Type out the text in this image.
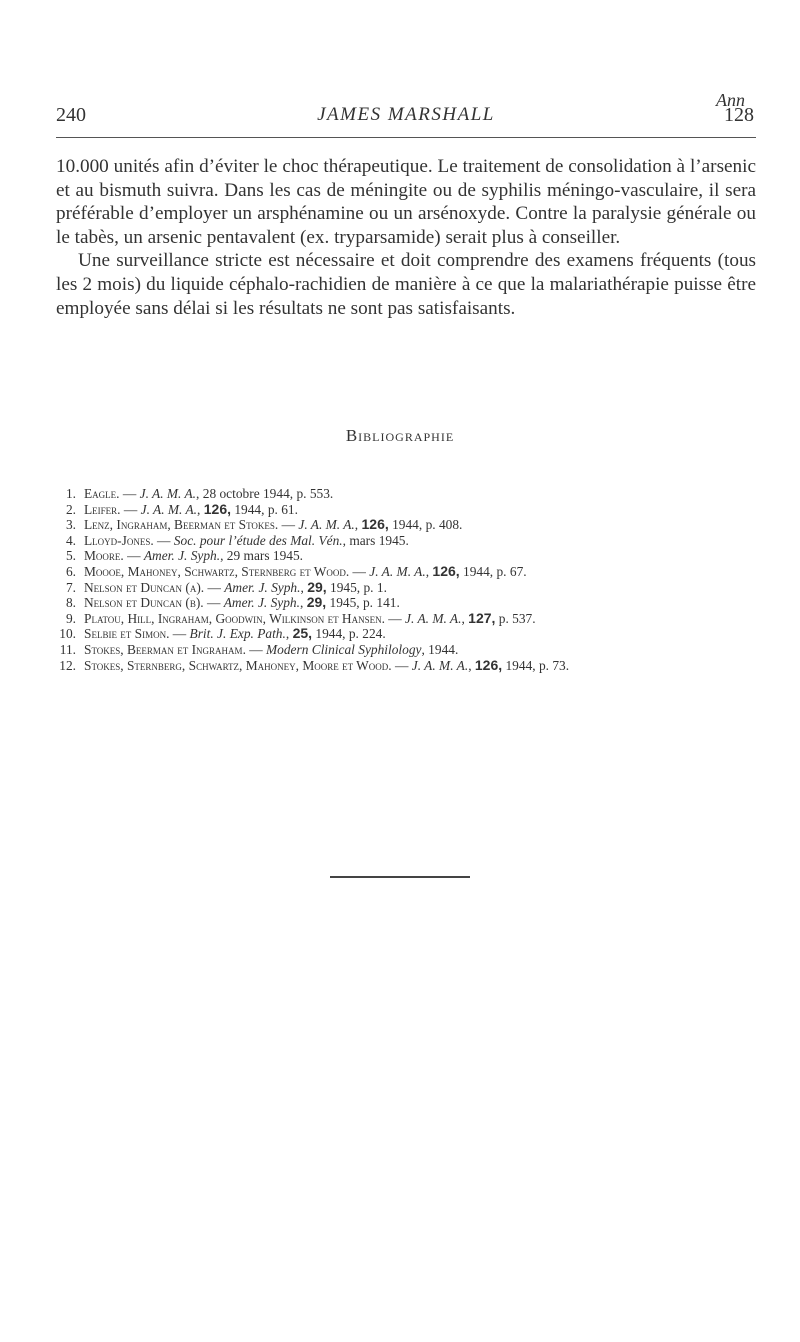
Ann
240	JAMES MARSHALL	128

10.000 unités afin d’éviter le choc thérapeutique. Le traitement de consolidation à l’arsenic et au bismuth suivra. Dans les cas de méningite ou de syphilis méningo-vasculaire, il sera préférable d’employer un arsphénamine ou un arsénoxyde. Contre la paralysie générale ou le tabès, un arsenic pentavalent (ex. tryparsamide) serait plus à conseiller.

Une surveillance stricte est nécessaire et doit comprendre des examens fréquents (tous les 2 mois) du liquide céphalo-rachidien de manière à ce que la malariathérapie puisse être employée sans délai si les résultats ne sont pas satisfaisants.

Bibliographie
1. Eagle. — J. A. M. A., 28 octobre 1944, p. 553.
2. Leifer. — J. A. M. A., 126, 1944, p. 61.
3. Lenz, Ingraham, Beerman et Stokes. — J. A. M. A., 126, 1944, p. 408.
4. Lloyd-Jones. — Soc. pour l’étude des Mal. Vén., mars 1945.
5. Moore. — Amer. J. Syph., 29 mars 1945.
6. Moooe, Mahoney, Schwartz, Sternberg et Wood. — J. A. M. A., 126, 1944, p. 67.
7. Nelson et Duncan (a). — Amer. J. Syph., 29, 1945, p. 1.
8. Nelson et Duncan (b). — Amer. J. Syph., 29, 1945, p. 141.
9. Platou, Hill, Ingraham, Goodwin, Wilkinson et Hansen. — J. A. M. A., 127, p. 537.
10. Selbie et Simon. — Brit. J. Exp. Path., 25, 1944, p. 224.
11. Stokes, Beerman et Ingraham. — Modern Clinical Syphilology, 1944.
12. Stokes, Sternberg, Schwartz, Mahoney, Moore et Wood. — J. A. M. A., 126, 1944, p. 73.
